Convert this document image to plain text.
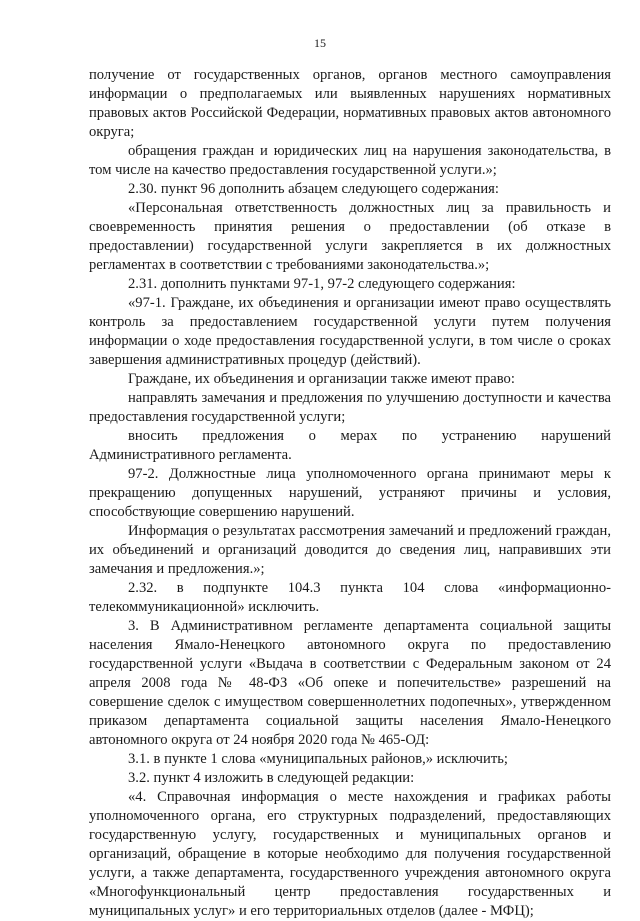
15

получение от государственных органов, органов местного самоуправления информации о предполагаемых или выявленных нарушениях нормативных правовых актов Российской Федерации, нормативных правовых актов автономного округа;

обращения граждан и юридических лиц на нарушения законодательства, в том числе на качество предоставления государственной услуги.»;

2.30. пункт 96 дополнить абзацем следующего содержания:

«Персональная ответственность должностных лиц за правильность и своевременность принятия решения о предоставлении (об отказе в предоставлении) государственной услуги закрепляется в их должностных регламентах в соответствии с требованиями законодательства.»;

2.31. дополнить пунктами 97-1, 97-2 следующего содержания:

«97-1. Граждане, их объединения и организации имеют право осуществлять контроль за предоставлением государственной услуги путем получения информации о ходе предоставления государственной услуги, в том числе о сроках завершения административных процедур (действий).

Граждане, их объединения и организации также имеют право:

направлять замечания и предложения по улучшению доступности и качества предоставления государственной услуги;

вносить предложения о мерах по устранению нарушений Административного регламента.

97-2. Должностные лица уполномоченного органа принимают меры к прекращению допущенных нарушений, устраняют причины и условия, способствующие совершению нарушений.

Информация о результатах рассмотрения замечаний и предложений граждан, их объединений и организаций доводится до сведения лиц, направивших эти замечания и предложения.»;

2.32. в подпункте 104.3 пункта 104 слова «информационно-телекоммуникационной» исключить.

3. В Административном регламенте департамента социальной защиты населения Ямало-Ненецкого автономного округа по предоставлению государственной услуги «Выдача в соответствии с Федеральным законом от 24 апреля 2008 года № 48-ФЗ «Об опеке и попечительстве» разрешений на совершение сделок с имуществом совершеннолетних подопечных», утвержденном приказом департамента социальной защиты населения Ямало-Ненецкого автономного округа от 24 ноября 2020 года № 465-ОД:

3.1. в пункте 1 слова «муниципальных районов,» исключить;

3.2. пункт 4 изложить в следующей редакции:

«4. Справочная информация о месте нахождения и графиках работы уполномоченного органа, его структурных подразделений, предоставляющих государственную услугу, государственных и муниципальных органов и организаций, обращение в которые необходимо для получения государственной услуги, а также департамента, государственного учреждения автономного округа «Многофункциональный центр предоставления государственных и муниципальных услуг» и его территориальных отделов (далее - МФЦ);
